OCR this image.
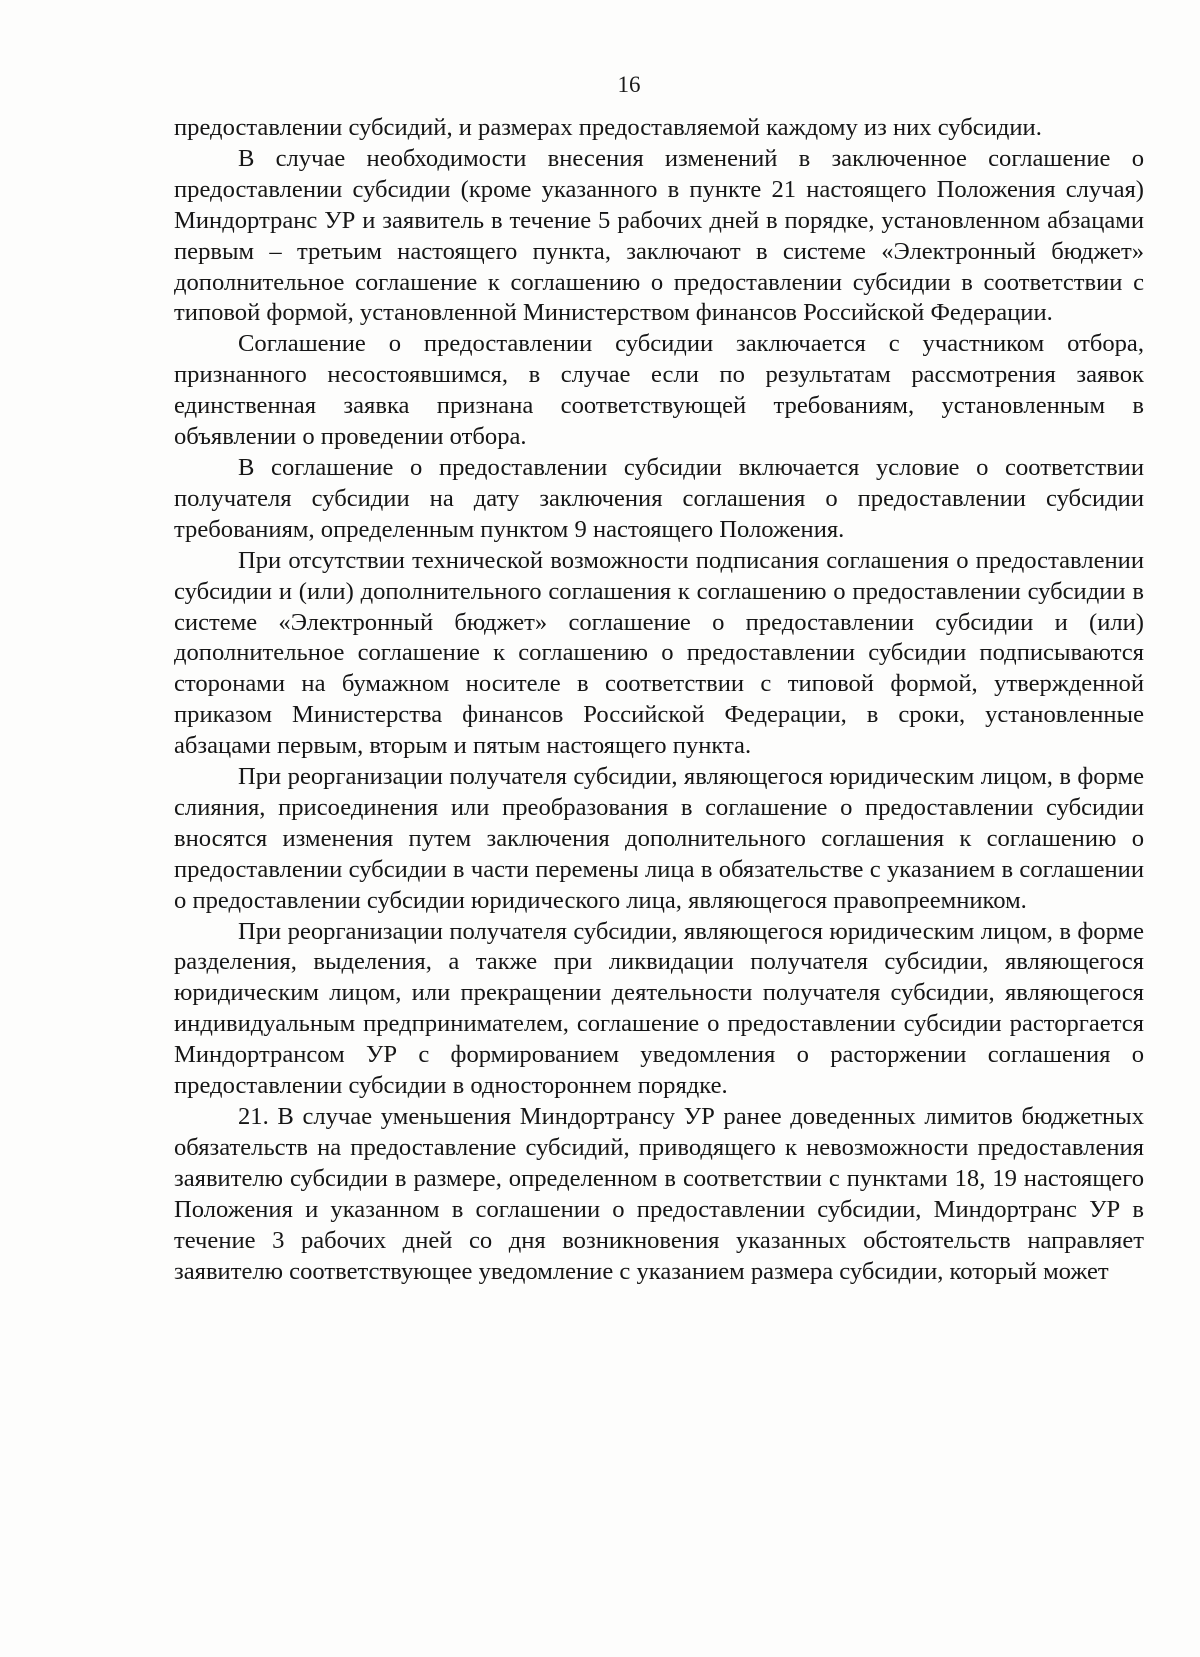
16

предоставлении субсидий, и размерах предоставляемой каждому из них субсидии.

В случае необходимости внесения изменений в заключенное соглашение о предоставлении субсидии (кроме указанного в пункте 21 настоящего Положения случая) Миндортранс УР и заявитель в течение 5 рабочих дней в порядке, установленном абзацами первым – третьим настоящего пункта, заключают в системе «Электронный бюджет» дополнительное соглашение к соглашению о предоставлении субсидии в соответствии с типовой формой, установленной Министерством финансов Российской Федерации.

Соглашение о предоставлении субсидии заключается с участником отбора, признанного несостоявшимся, в случае если по результатам рассмотрения заявок единственная заявка признана соответствующей требованиям, установленным в объявлении о проведении отбора.

В соглашение о предоставлении субсидии включается условие о соответствии получателя субсидии на дату заключения соглашения о предоставлении субсидии требованиям, определенным пунктом 9 настоящего Положения.

При отсутствии технической возможности подписания соглашения о предоставлении субсидии и (или) дополнительного соглашения к соглашению о предоставлении субсидии в системе «Электронный бюджет» соглашение о предоставлении субсидии и (или) дополнительное соглашение к соглашению о предоставлении субсидии подписываются сторонами на бумажном носителе в соответствии с типовой формой, утвержденной приказом Министерства финансов Российской Федерации, в сроки, установленные абзацами первым, вторым и пятым настоящего пункта.

При реорганизации получателя субсидии, являющегося юридическим лицом, в форме слияния, присоединения или преобразования в соглашение о предоставлении субсидии вносятся изменения путем заключения дополнительного соглашения к соглашению о предоставлении субсидии в части перемены лица в обязательстве с указанием в соглашении о предоставлении субсидии юридического лица, являющегося правопреемником.

При реорганизации получателя субсидии, являющегося юридическим лицом, в форме разделения, выделения, а также при ликвидации получателя субсидии, являющегося юридическим лицом, или прекращении деятельности получателя субсидии, являющегося индивидуальным предпринимателем, соглашение о предоставлении субсидии расторгается Миндортрансом УР с формированием уведомления о расторжении соглашения о предоставлении субсидии в одностороннем порядке.

21. В случае уменьшения Миндортрансу УР ранее доведенных лимитов бюджетных обязательств на предоставление субсидий, приводящего к невозможности предоставления заявителю субсидии в размере, определенном в соответствии с пунктами 18, 19 настоящего Положения и указанном в соглашении о предоставлении субсидии, Миндортранс УР в течение 3 рабочих дней со дня возникновения указанных обстоятельств направляет заявителю соответствующее уведомление с указанием размера субсидии, который может
